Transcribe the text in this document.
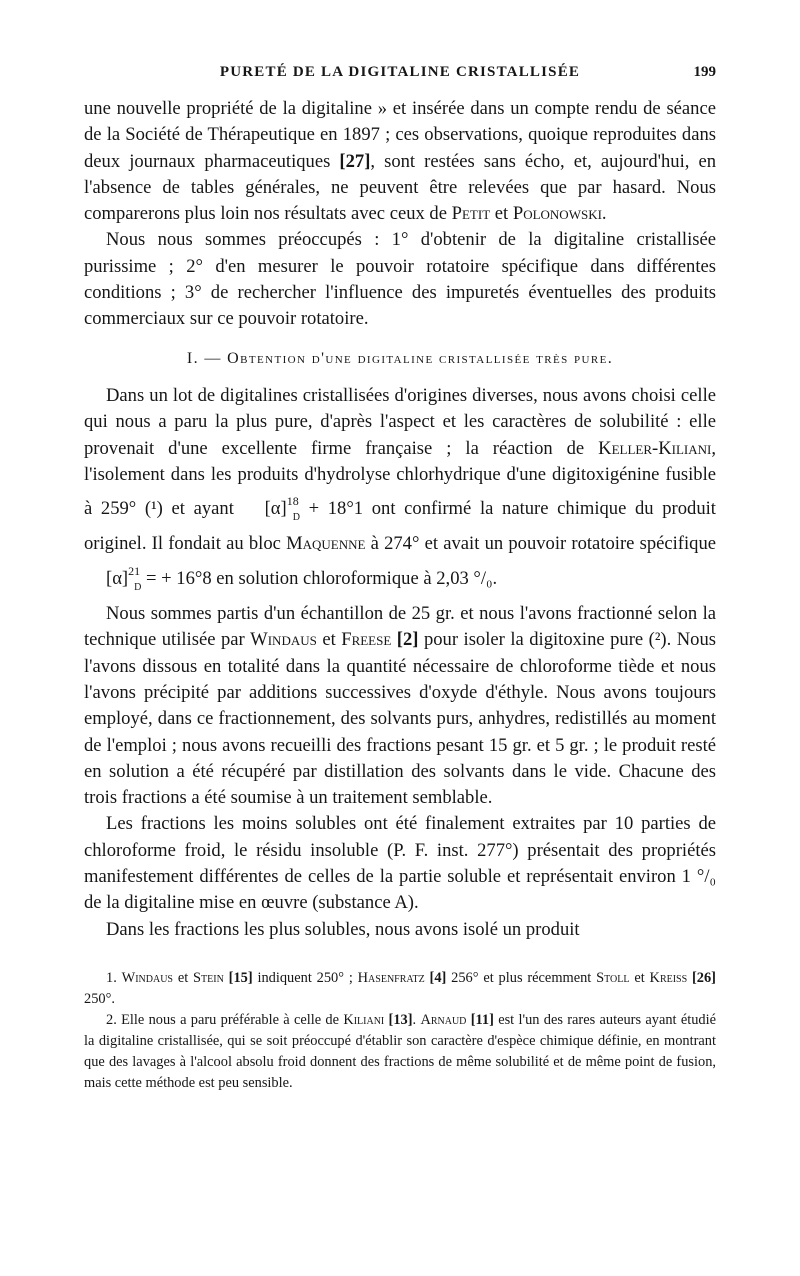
PURETÉ DE LA DIGITALINE CRISTALLISÉE	199

une nouvelle propriété de la digitaline » et insérée dans un compte rendu de séance de la Société de Thérapeutique en 1897 ; ces observations, quoique reproduites dans deux journaux pharmaceutiques [27], sont restées sans écho, et, aujourd'hui, en l'absence de tables générales, ne peuvent être relevées que par hasard. Nous comparerons plus loin nos résultats avec ceux de Petit et Polonowski.

Nous nous sommes préoccupés : 1° d'obtenir de la digitaline cristallisée purissime ; 2° d'en mesurer le pouvoir rotatoire spécifique dans différentes conditions ; 3° de rechercher l'influence des impuretés éventuelles des produits commerciaux sur ce pouvoir rotatoire.

I. — Obtention d'une digitaline cristallisée très pure.

Dans un lot de digitalines cristallisées d'origines diverses, nous avons choisi celle qui nous a paru la plus pure, d'après l'aspect et les caractères de solubilité : elle provenait d'une excellente firme française ; la réaction de Keller-Kiliani, l'isolement dans les produits d'hydrolyse chlorhydrique d'une digitoxigénine fusible à 259° (¹) et ayant $[\alpha]^{18}_D + 18^\circ 1$ ont confirmé la nature chimique du produit originel. Il fondait au bloc Maquenne à 274° et avait un pouvoir rotatoire spécifique $[\alpha]^{21}_D$ = + 16°8 en solution chloroformique à 2,03 °/₀.

Nous sommes partis d'un échantillon de 25 gr. et nous l'avons fractionné selon la technique utilisée par Windaus et Freese [2] pour isoler la digitoxine pure (²). Nous l'avons dissous en totalité dans la quantité nécessaire de chloroforme tiède et nous l'avons précipité par additions successives d'oxyde d'éthyle. Nous avons toujours employé, dans ce fractionnement, des solvants purs, anhydres, redistillés au moment de l'emploi ; nous avons recueilli des fractions pesant 15 gr. et 5 gr. ; le produit resté en solution a été récupéré par distillation des solvants dans le vide. Chacune des trois fractions a été soumise à un traitement semblable.

Les fractions les moins solubles ont été finalement extraites par 10 parties de chloroforme froid, le résidu insoluble (P. F. inst. 277°) présentait des propriétés manifestement différentes de celles de la partie soluble et représentait environ 1 °/₀ de la digitaline mise en œuvre (substance A).

Dans les fractions les plus solubles, nous avons isolé un produit

1. Windaus et Stein [15] indiquent 250° ; Hasenfratz [4] 256° et plus récemment Stoll et Kreiss [26] 250°.

2. Elle nous a paru préférable à celle de Kiliani [13]. Arnaud [11] est l'un des rares auteurs ayant étudié la digitaline cristallisée, qui se soit préoccupé d'établir son caractère d'espèce chimique définie, en montrant que des lavages à l'alcool absolu froid donnent des fractions de même solubilité et de même point de fusion, mais cette méthode est peu sensible.
